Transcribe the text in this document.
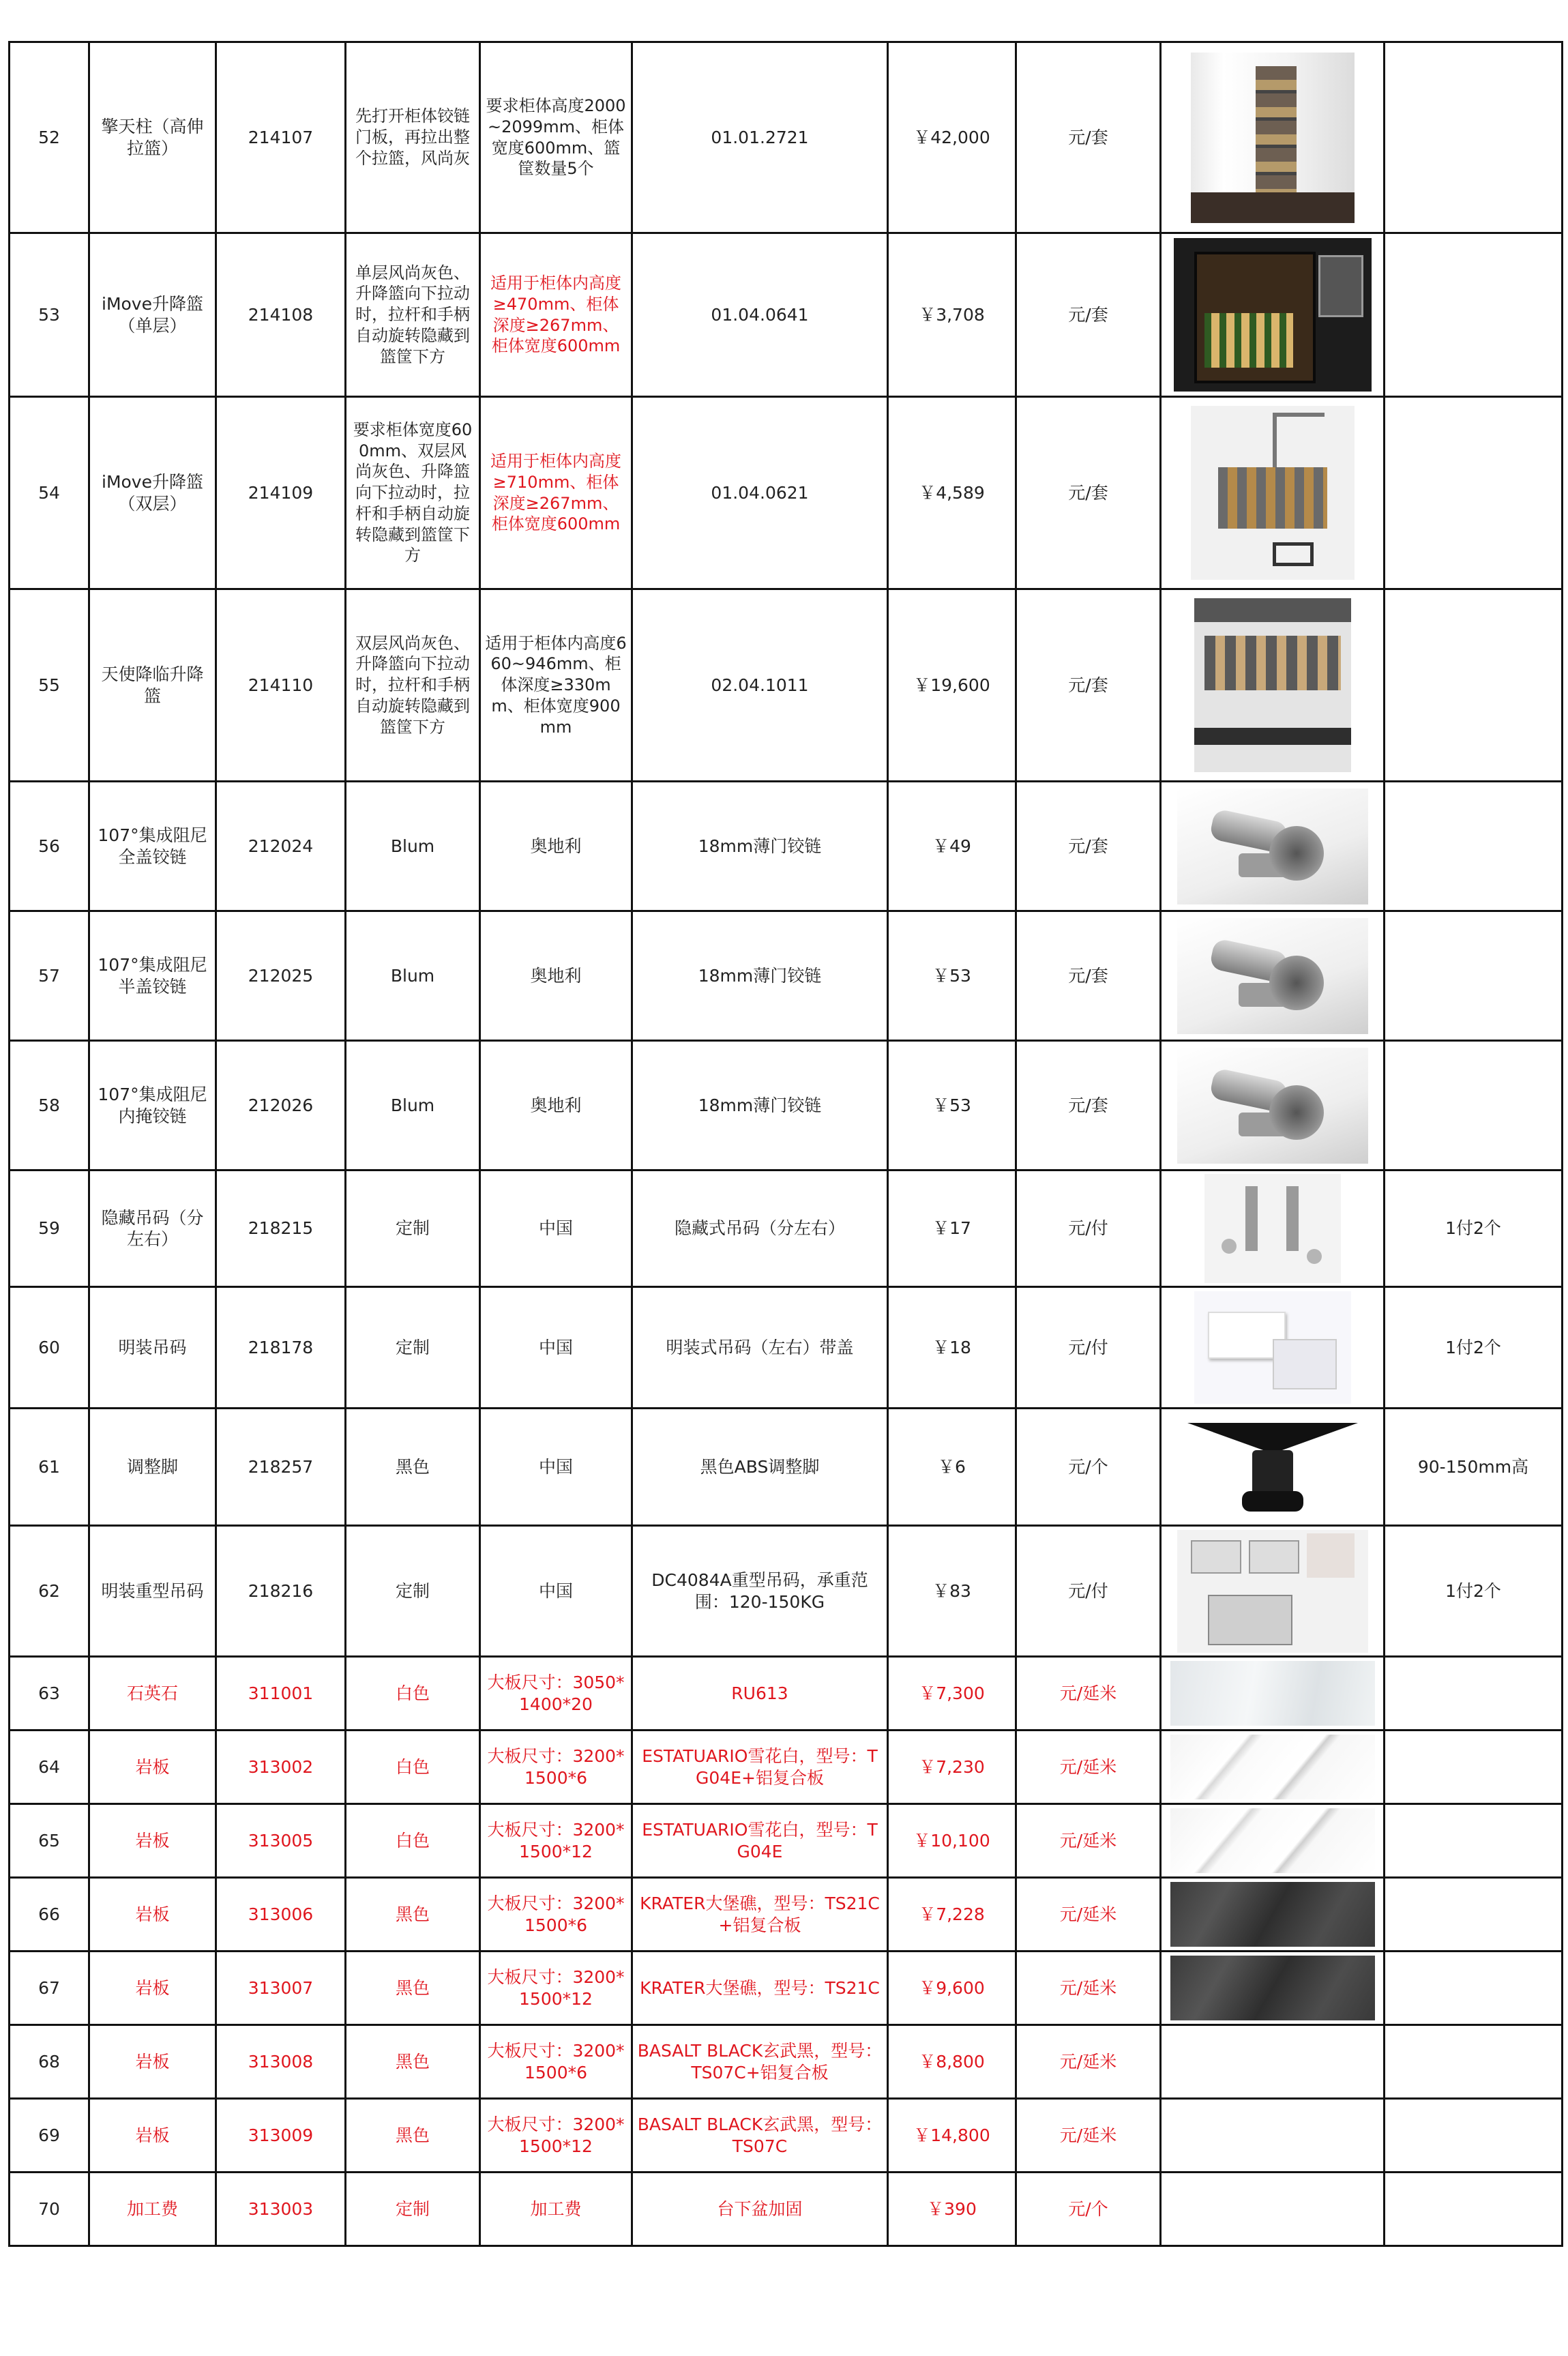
52	擎天柱（高伸拉篮）	214107	先打开柜体铰链门板，再拉出整个拉篮，风尚灰	要求柜体高度2000~2099mm、柜体宽度600mm、篮筐数量5个	01.01.2721	￥42,000	元/套	

53	iMove升降篮（单层）	214108	单层风尚灰色、升降篮向下拉动时，拉杆和手柄自动旋转隐藏到篮筐下方	适用于柜体内高度≥470mm、柜体深度≥267mm、柜体宽度600mm	01.04.0641	￥3,708	元/套	

54	iMove升降篮（双层）	214109	要求柜体宽度600mm、双层风尚灰色、升降篮向下拉动时，拉杆和手柄自动旋转隐藏到篮筐下方	适用于柜体内高度≥710mm、柜体深度≥267mm、柜体宽度600mm	01.04.0621	￥4,589	元/套	

55	天使降临升降篮	214110	双层风尚灰色、升降篮向下拉动时，拉杆和手柄自动旋转隐藏到篮筐下方	适用于柜体内高度660~946mm、柜体深度≥330mm、柜体宽度900mm	02.04.1011	￥19,600	元/套	

56	107°集成阻尼全盖铰链	212024	Blum	奥地利	18mm薄门铰链	￥49	元/套	

57	107°集成阻尼半盖铰链	212025	Blum	奥地利	18mm薄门铰链	￥53	元/套	

58	107°集成阻尼内掩铰链	212026	Blum	奥地利	18mm薄门铰链	￥53	元/套	

59	隐藏吊码（分左右）	218215	定制	中国	隐藏式吊码（分左右）	￥17	元/付		1付2个
60	明装吊码	218178	定制	中国	明装式吊码（左右）带盖	￥18	元/付		1付2个
61	调整脚	218257	黑色	中国	黑色ABS调整脚	￥6	元/个		90-150mm高
62	明装重型吊码	218216	定制	中国	DC4084A重型吊码，承重范围：120-150KG	￥83	元/付		1付2个
63	石英石	311001	白色	大板尺寸：3050*1400*20	RU613	￥7,300	元/延米	

64	岩板	313002	白色	大板尺寸：3200*1500*6	ESTATUARIO雪花白，型号：TG04E+铝复合板	￥7,230	元/延米	

65	岩板	313005	白色	大板尺寸：3200*1500*12	ESTATUARIO雪花白，型号：TG04E	￥10,100	元/延米	

66	岩板	313006	黑色	大板尺寸：3200*1500*6	KRATER大堡礁，型号：TS21C+铝复合板	￥7,228	元/延米	

67	岩板	313007	黑色	大板尺寸：3200*1500*12	KRATER大堡礁，型号：TS21C	￥9,600	元/延米	

68	岩板	313008	黑色	大板尺寸：3200*1500*6	BASALT BLACK玄武黑，型号：TS07C+铝复合板	￥8,800	元/延米		
69	岩板	313009	黑色	大板尺寸：3200*1500*12	BASALT BLACK玄武黑，型号：TS07C	￥14,800	元/延米		
70	加工费	313003	定制	加工费	台下盆加固	￥390	元/个		
